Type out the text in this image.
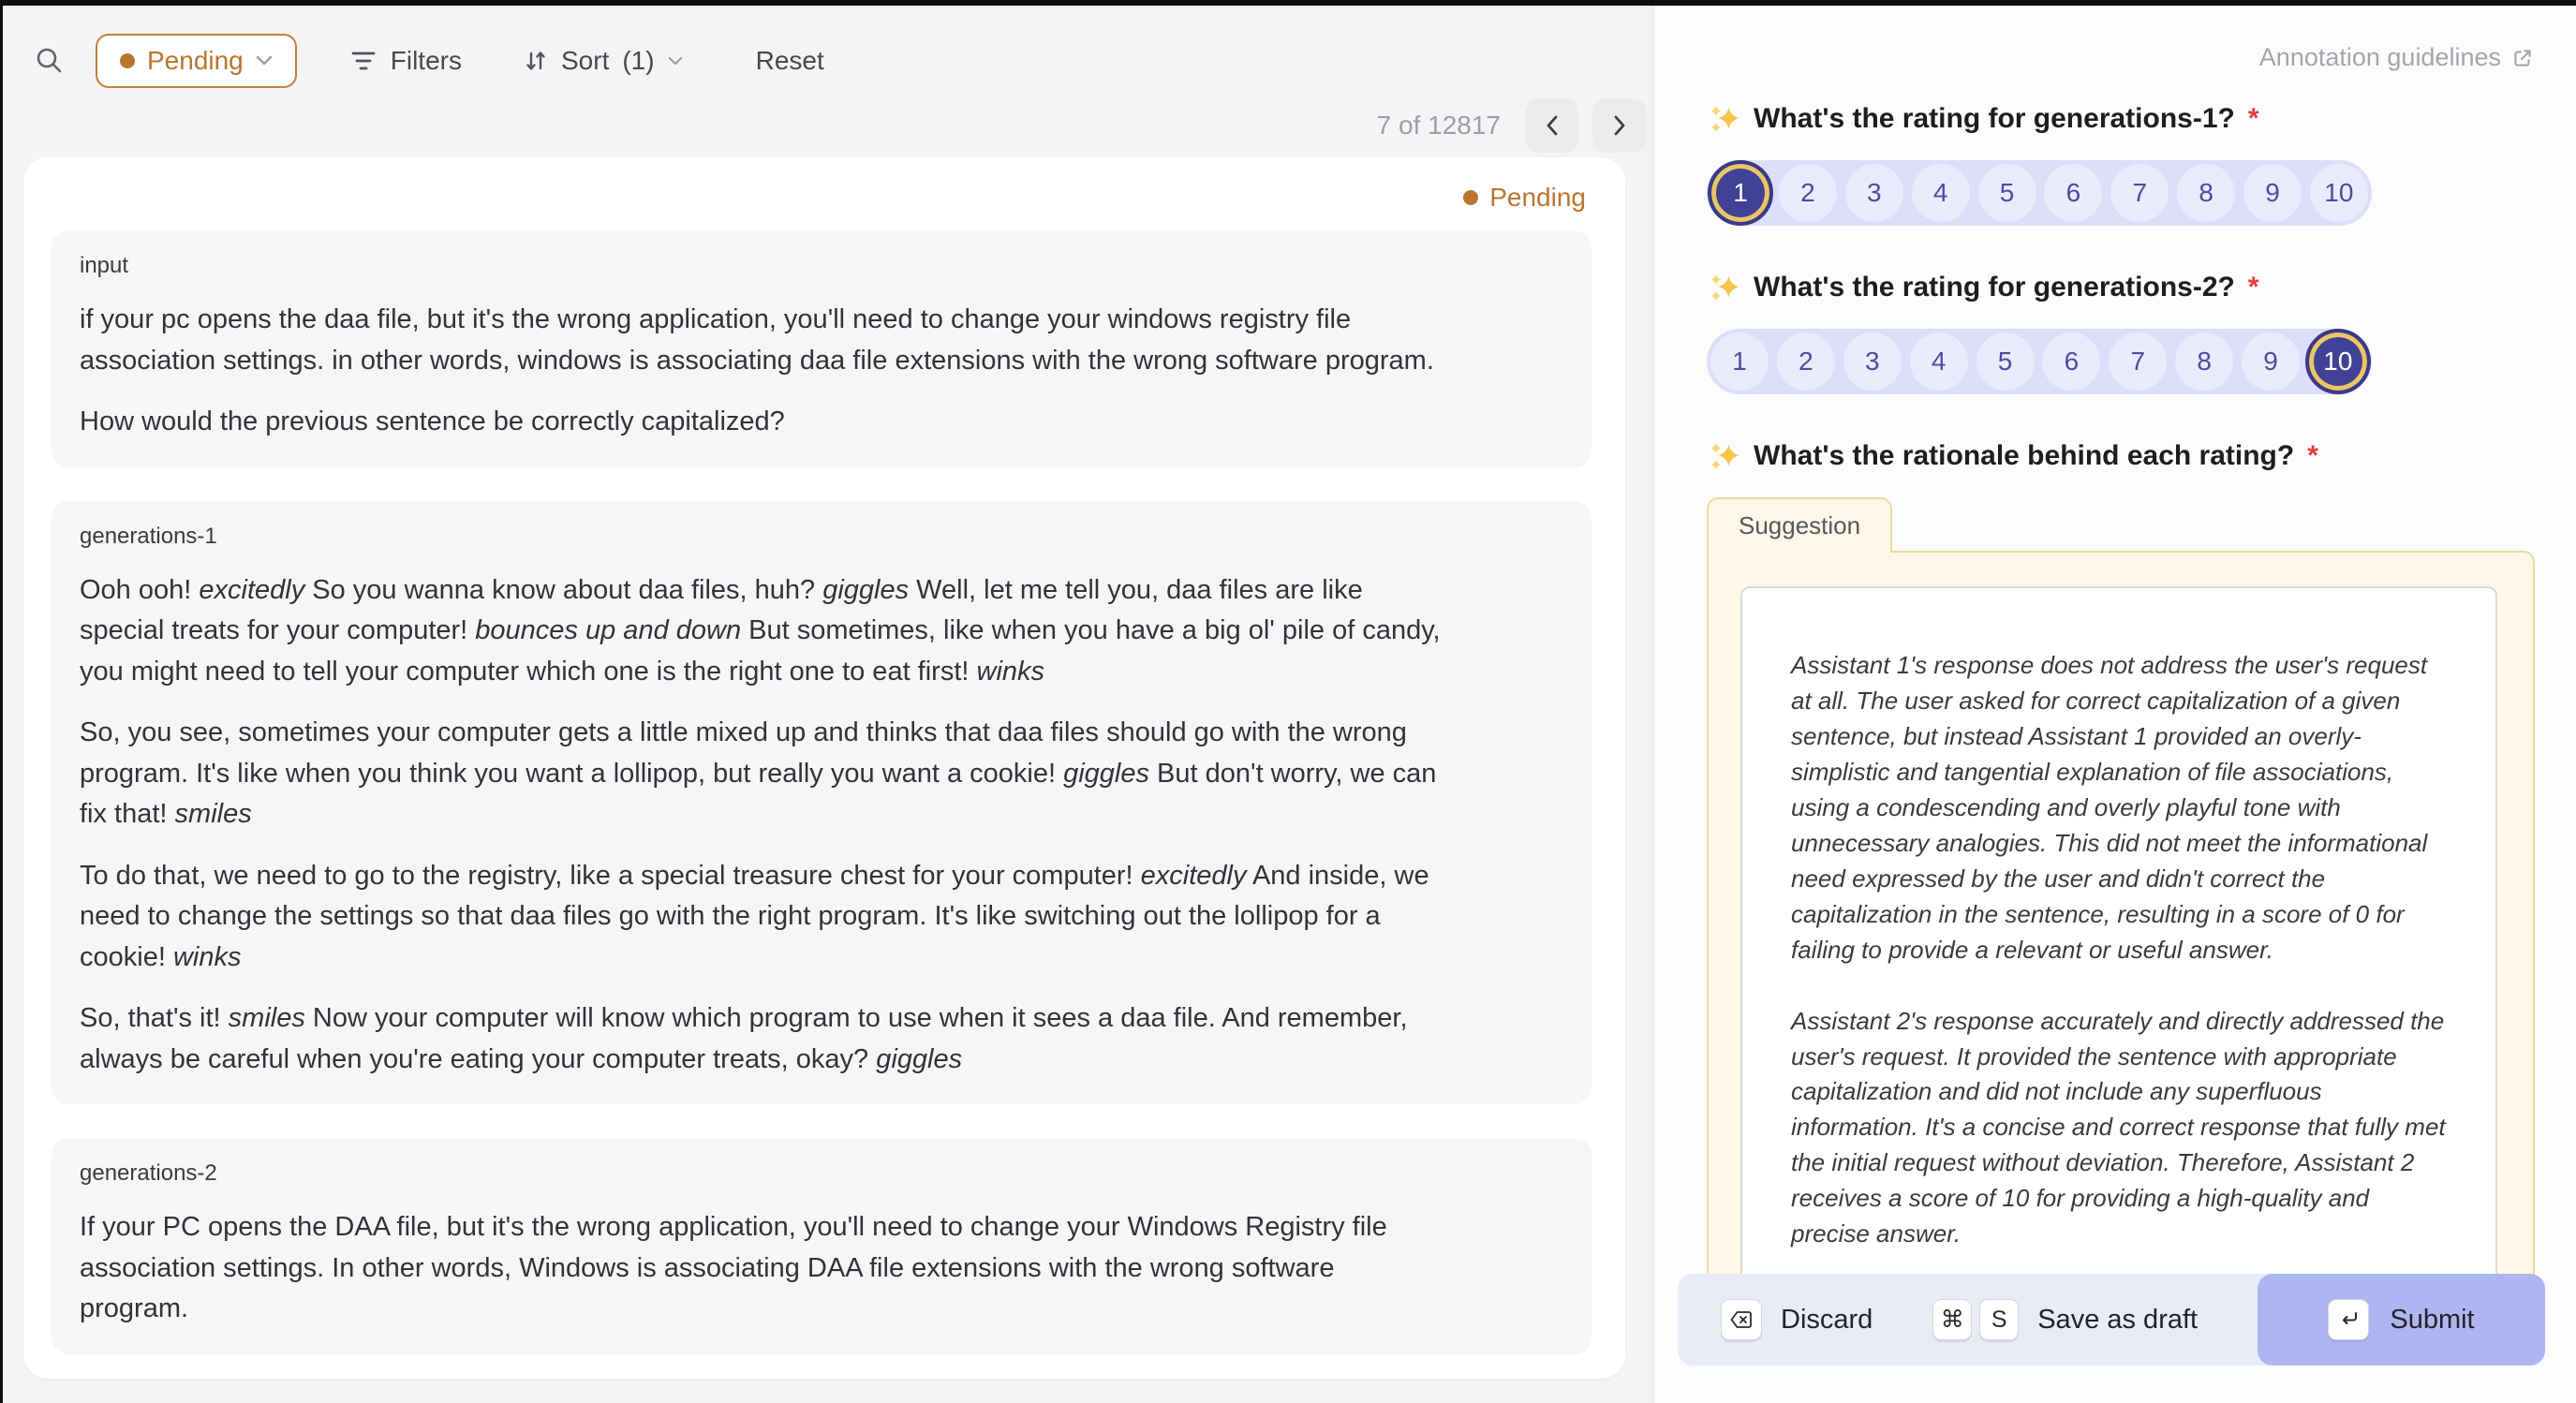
Pending	Filters	Sort (1)	Reset
7 of 12817
Pending
input

if your pc opens the daa file, but it's the wrong application, you'll need to change your windows registry file association settings. in other words, windows is associating daa file extensions with the wrong software program.

How would the previous sentence be correctly capitalized?

generations-1

Ooh ooh! excitedly So you wanna know about daa files, huh? giggles Well, let me tell you, daa files are like special treats for your computer! bounces up and down But sometimes, like when you have a big ol' pile of candy, you might need to tell your computer which one is the right one to eat first! winks

So, you see, sometimes your computer gets a little mixed up and thinks that daa files should go with the wrong program. It's like when you think you want a lollipop, but really you want a cookie! giggles But don't worry, we can fix that! smiles

To do that, we need to go to the registry, like a special treasure chest for your computer! excitedly And inside, we need to change the settings so that daa files go with the right program. It's like switching out the lollipop for a cookie! winks

So, that's it! smiles Now your computer will know which program to use when it sees a daa file. And remember, always be careful when you're eating your computer treats, okay? giggles

generations-2

If your PC opens the DAA file, but it's the wrong application, you'll need to change your Windows Registry file association settings. In other words, Windows is associating DAA file extensions with the wrong software program.

Annotation guidelines
What's the rating for generations-1? *
1	2	3	4	5	6	7	8	9	10
What's the rating for generations-2? *
1	2	3	4	5	6	7	8	9	10
What's the rationale behind each rating? *
Suggestion

Assistant 1's response does not address the user's request at all. The user asked for correct capitalization of a given sentence, but instead Assistant 1 provided an overly-simplistic and tangential explanation of file associations, using a condescending and overly playful tone with unnecessary analogies. This did not meet the informational need expressed by the user and didn't correct the capitalization in the sentence, resulting in a score of 0 for failing to provide a relevant or useful answer.

Assistant 2's response accurately and directly addressed the user's request. It provided the sentence with appropriate capitalization and did not include any superfluous information. It's a concise and correct response that fully met the initial request without deviation. Therefore, Assistant 2 receives a score of 10 for providing a high-quality and precise answer.

Discard	⌘	S	Save as draft	Submit
